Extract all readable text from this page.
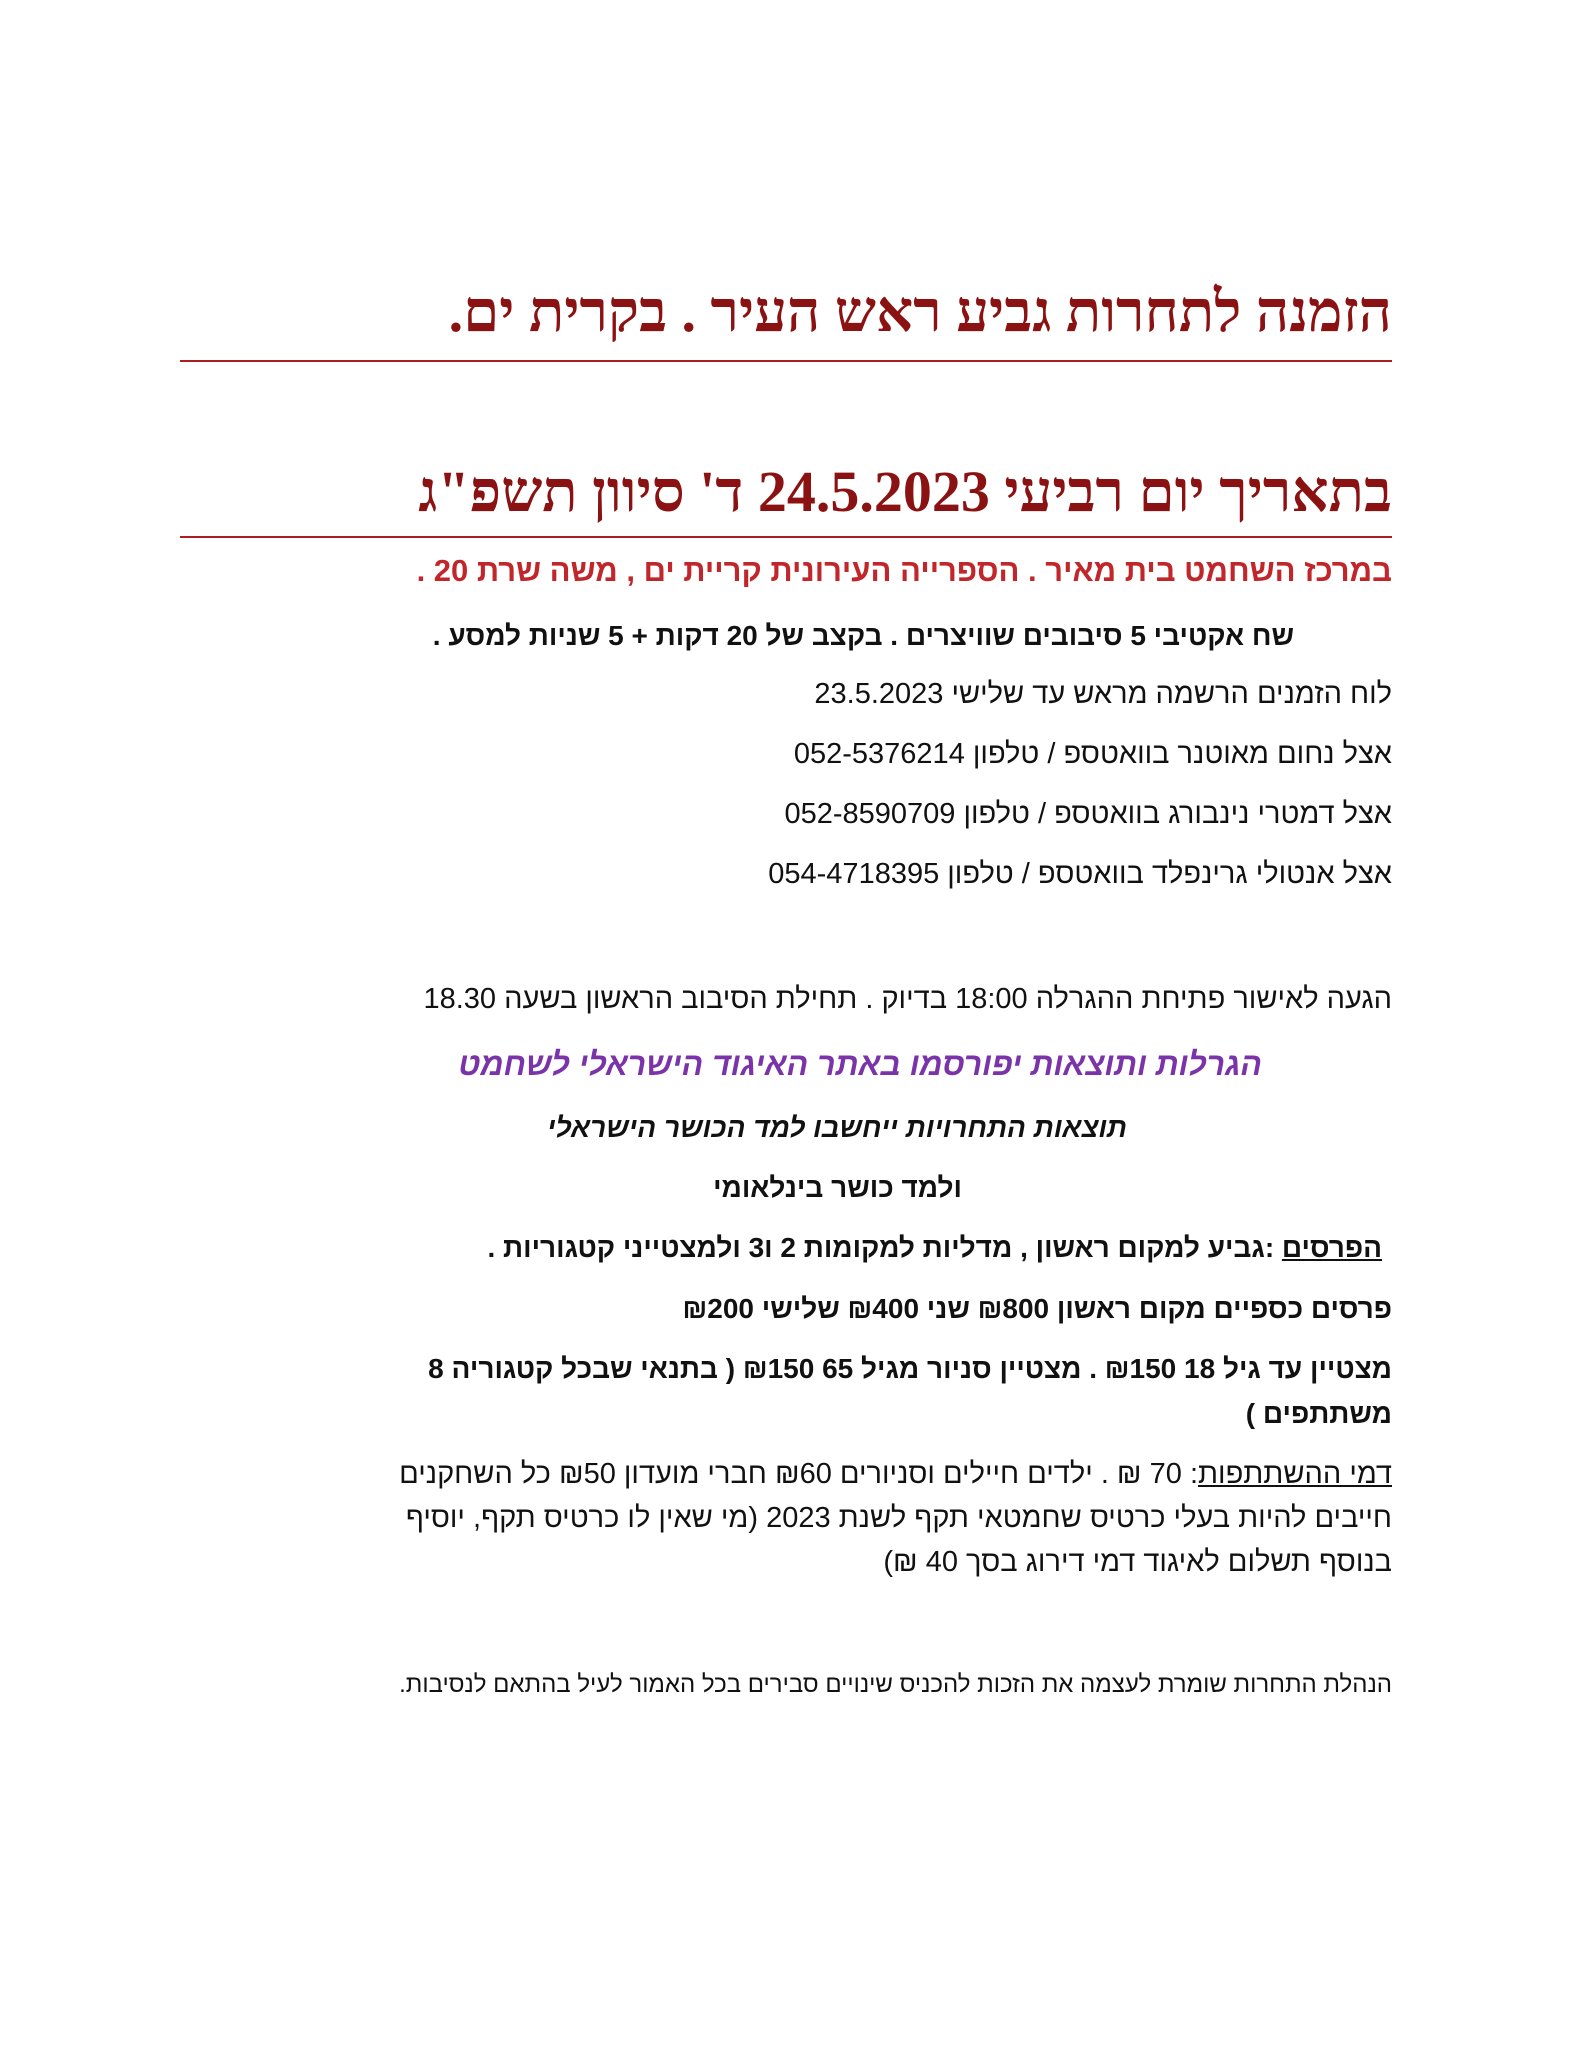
הזמנה לתחרות גביע ראש העיר . בקרית ים.
בתאריך יום רביעי 24.5.2023 ד' סיוון תשפ"ג

במרכז השחמט בית מאיר . הספרייה העירונית קריית ים , משה שרת 20 .

שח אקטיבי 5 סיבובים שוויצרים . בקצב של 20 דקות + 5 שניות למסע .

לוח הזמנים הרשמה מראש עד שלישי 23.5.2023

אצל נחום מאוטנר בוואטספ / טלפון 052-5376214

אצל דמטרי נינבורג בוואטספ / טלפון 052-8590709

אצל אנטולי גרינפלד בוואטספ / טלפון 054-4718395

הגעה לאישור פתיחת ההגרלה 18:00 בדיוק . תחילת הסיבוב הראשון בשעה 18.30

הגרלות ותוצאות יפורסמו באתר האיגוד הישראלי לשחמט

תוצאות התחרויות ייחשבו למד הכושר הישראלי

ולמד כושר בינלאומי

הפרסים :גביע למקום ראשון , מדליות למקומות 2 ו3 ולמצטייני קטגוריות .

פרסים כספיים מקום ראשון ₪800 שני ₪400 שלישי ₪200

מצטיין עד גיל 18 ₪150 . מצטיין סניור מגיל 65 ₪150 ( בתנאי שבכל קטגוריה 8

משתתפים )

דמי ההשתתפות: 70 ₪ . ילדים חיילים וסניורים ₪60 חברי מועדון ₪50 כל השחקנים

חייבים להיות בעלי כרטיס שחמטאי תקף לשנת 2023 (מי שאין לו כרטיס תקף, יוסיף

בנוסף תשלום לאיגוד דמי דירוג בסך 40 ₪)

הנהלת התחרות שומרת לעצמה את הזכות להכניס שינויים סבירים בכל האמור לעיל בהתאם לנסיבות.
